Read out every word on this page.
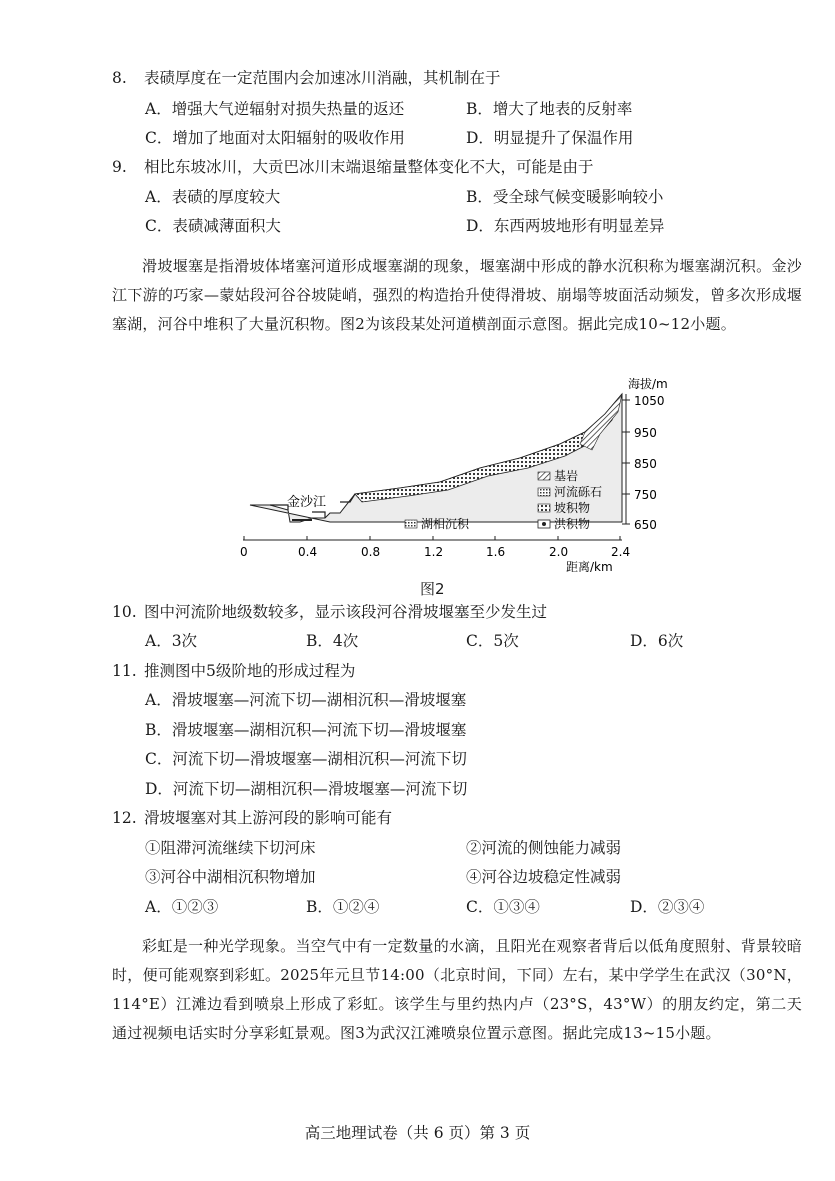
8. 表碛厚度在一定范围内会加速冰川消融，其机制在于
A．增强大气逆辐射对损失热量的返还	B．增大了地表的反射率
C．增加了地面对太阳辐射的吸收作用	D．明显提升了保温作用
9. 相比东坡冰川，大贡巴冰川末端退缩量整体变化不大，可能是由于
A．表碛的厚度较大	B．受全球气候变暖影响较小
C．表碛减薄面积大	D．东西两坡地形有明显差异
滑坡堰塞是指滑坡体堵塞河道形成堰塞湖的现象，堰塞湖中形成的静水沉积称为堰塞湖沉积。金沙江下游的巧家—蒙姑段河谷谷坡陡峭，强烈的构造抬升使得滑坡、崩塌等坡面活动频发，曾多次形成堰塞湖，河谷中堆积了大量沉积物。图2为该段某处河道横剖面示意图。据此完成10~12小题。
金沙江
1050
950
850
750
650
海拔/m
0	0.4	0.8	1.2	1.6	2.0	2.4
距离/km
基岩
河流砾石
坡积物
洪积物
湖相沉积
图2
10. 图中河流阶地级数较多，显示该段河谷滑坡堰塞至少发生过
A．3次	B．4次	C．5次	D．6次
11. 推测图中5级阶地的形成过程为
A．滑坡堰塞—河流下切—湖相沉积—滑坡堰塞
B．滑坡堰塞—湖相沉积—河流下切—滑坡堰塞
C．河流下切—滑坡堰塞—湖相沉积—河流下切
D．河流下切—湖相沉积—滑坡堰塞—河流下切
12. 滑坡堰塞对其上游河段的影响可能有
①阻滞河流继续下切河床	②河流的侧蚀能力减弱
③河谷中湖相沉积物增加	④河谷边坡稳定性减弱
A．①②③	B．①②④	C．①③④	D．②③④
彩虹是一种光学现象。当空气中有一定数量的水滴，且阳光在观察者背后以低角度照射、背景较暗时，便可能观察到彩虹。2025年元旦节14:00（北京时间，下同）左右，某中学学生在武汉（30°N，114°E）江滩边看到喷泉上形成了彩虹。该学生与里约热内卢（23°S，43°W）的朋友约定，第二天通过视频电话实时分享彩虹景观。图3为武汉江滩喷泉位置示意图。据此完成13~15小题。
高三地理试卷（共 6 页）第 3 页
